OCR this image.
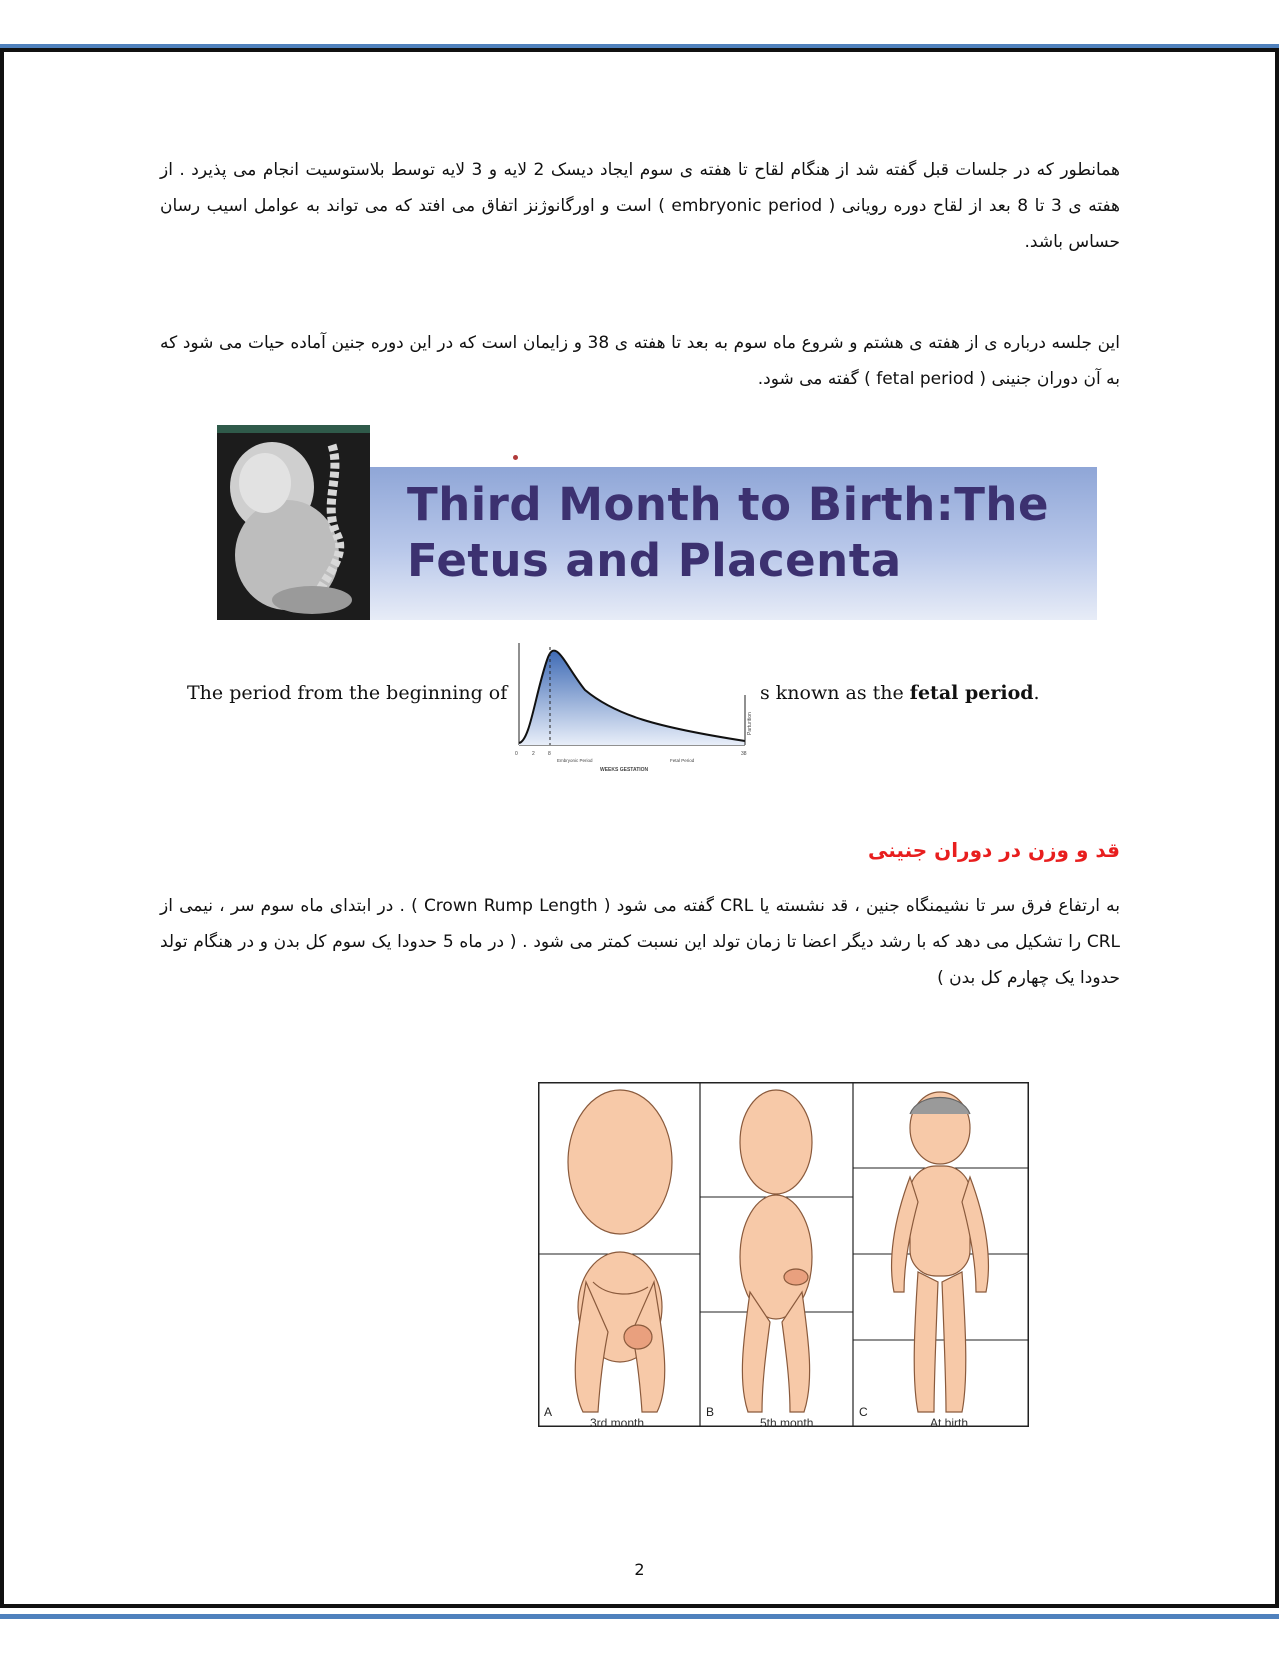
همانطور که در جلسات قبل گفته شد از هنگام لقاح تا هفته ی سوم ایجاد دیسک 2 لایه و 3 لایه توسط بلاستوسیت انجام می پذیرد . از هفته ی 3 تا 8 بعد از لقاح دوره رویانی ( embryonic period ) است و اورگانوژنز اتفاق می افتد که می تواند به عوامل اسیب رسان حساس باشد.

این جلسه درباره ی از هفته ی هشتم و شروع ماه سوم به بعد تا هفته ی 38 و زایمان است که در این دوره جنین آماده حیات می شود که به آن دوران جنینی ( fetal period ) گفته می شود.

Third Month to Birth:The
Fetus and Placenta
The period from the beginning of	s known as the fetal period.
Parturition
0	2	8	38
Embryonic Period	Fetal Period
WEEKS GESTATION
قد و وزن در دوران جنینی

به ارتفاع فرق سر تا نشیمنگاه جنین ، قد نشسته یا CRL گفته می شود ( Crown Rump Length ) . در ابتدای ماه سوم سر ، نیمی از CRL را تشکیل می دهد که با رشد دیگر اعضا تا زمان تولد این نسبت کمتر می شود . ( در ماه 5 حدودا یک سوم کل بدن و در هنگام تولد حدودا یک چهارم کل بدن )

A	B	C
3rd month	5th month	At birth
2
